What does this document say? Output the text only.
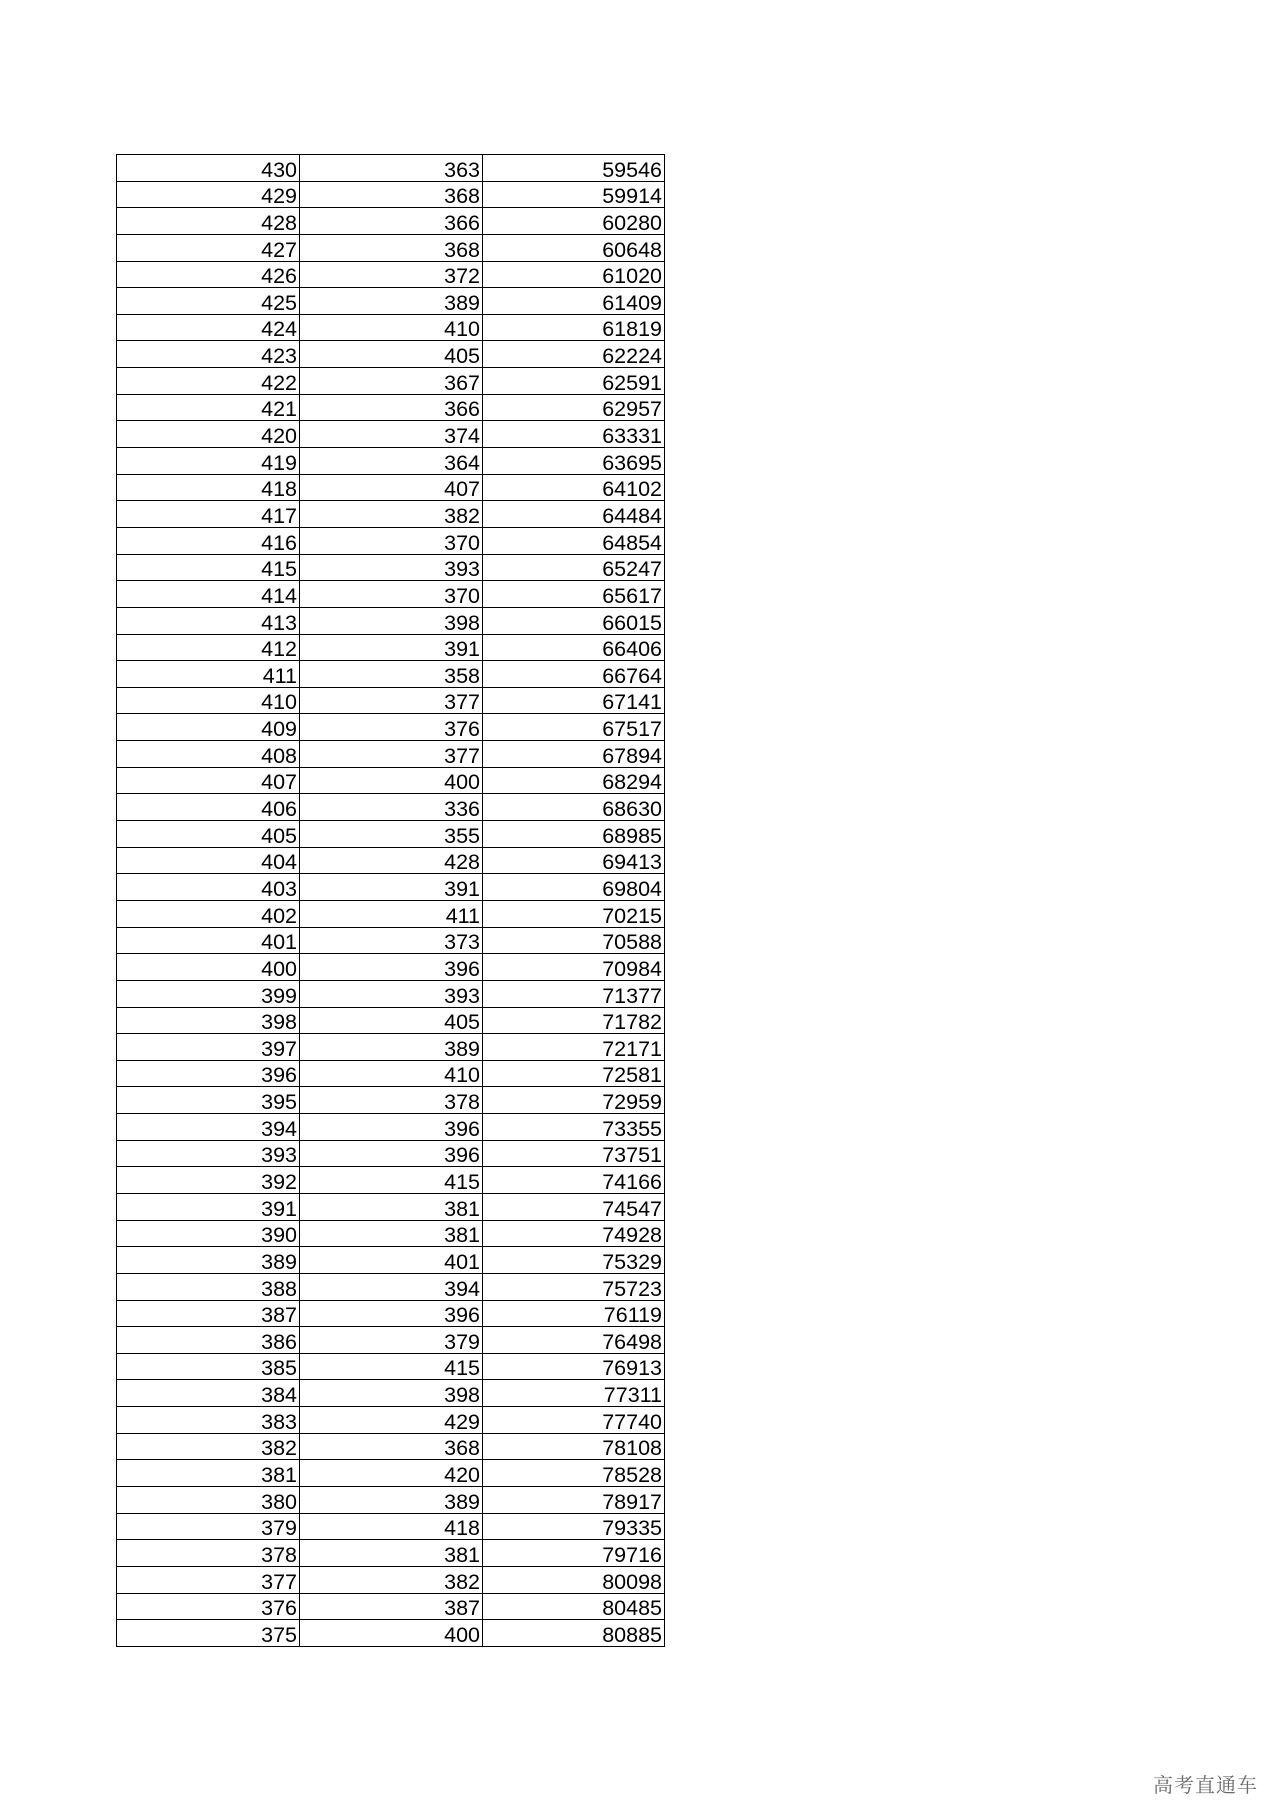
430	363	59546
429	368	59914
428	366	60280
427	368	60648
426	372	61020
425	389	61409
424	410	61819
423	405	62224
422	367	62591
421	366	62957
420	374	63331
419	364	63695
418	407	64102
417	382	64484
416	370	64854
415	393	65247
414	370	65617
413	398	66015
412	391	66406
411	358	66764
410	377	67141
409	376	67517
408	377	67894
407	400	68294
406	336	68630
405	355	68985
404	428	69413
403	391	69804
402	411	70215
401	373	70588
400	396	70984
399	393	71377
398	405	71782
397	389	72171
396	410	72581
395	378	72959
394	396	73355
393	396	73751
392	415	74166
391	381	74547
390	381	74928
389	401	75329
388	394	75723
387	396	76119
386	379	76498
385	415	76913
384	398	77311
383	429	77740
382	368	78108
381	420	78528
380	389	78917
379	418	79335
378	381	79716
377	382	80098
376	387	80485
375	400	80885
高考直通车
